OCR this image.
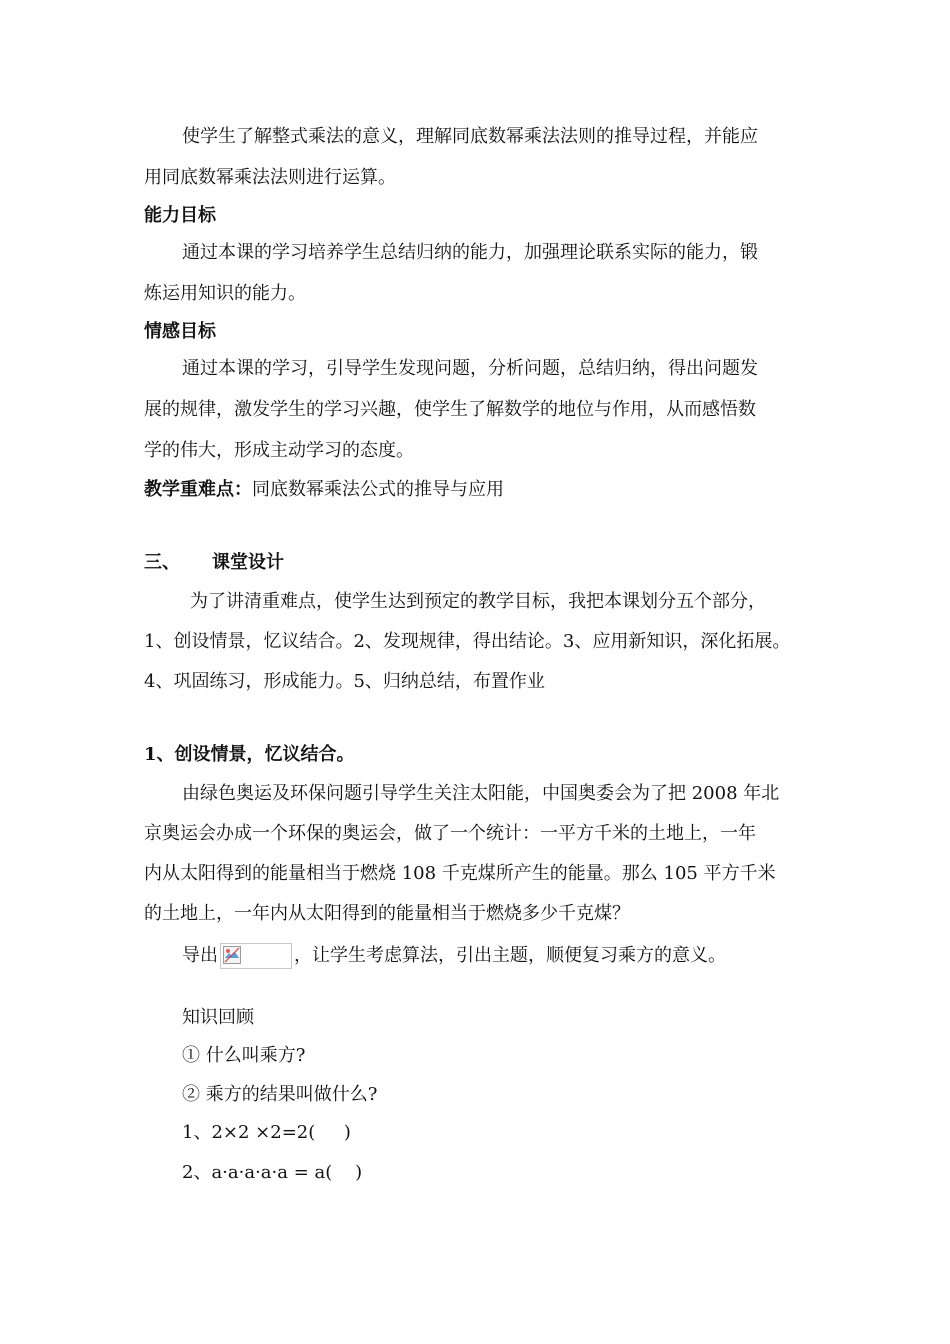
使学生了解整式乘法的意义，理解同底数幂乘法法则的推导过程，并能应
用同底数幂乘法法则进行运算。
能力目标
通过本课的学习培养学生总结归纳的能力，加强理论联系实际的能力，锻
炼运用知识的能力。
情感目标
通过本课的学习，引导学生发现问题，分析问题，总结归纳，得出问题发
展的规律，激发学生的学习兴趣，使学生了解数学的地位与作用，从而感悟数
学的伟大，形成主动学习的态度。
教学重难点：同底数幂乘法公式的推导与应用
三、 课堂设计
为了讲清重难点，使学生达到预定的教学目标，我把本课划分五个部分，
1、创设情景，忆议结合。2、发现规律，得出结论。3、应用新知识，深化拓展。
4、巩固练习，形成能力。5、归纳总结，布置作业
1、创设情景，忆议结合。
由绿色奥运及环保问题引导学生关注太阳能，中国奥委会为了把 2008 年北
京奥运会办成一个环保的奥运会，做了一个统计：一平方千米的土地上，一年
内从太阳得到的能量相当于燃烧 108 千克煤所产生的能量。那么 105 平方千米
的土地上，一年内从太阳得到的能量相当于燃烧多少千克煤？
导出	，让学生考虑算法，引出主题，顺便复习乘方的意义。
知识回顾
① 什么叫乘方?
② 乘方的结果叫做什么?
1、2×2 ×2=2(     )
2、a·a·a·a·a = a(    )
